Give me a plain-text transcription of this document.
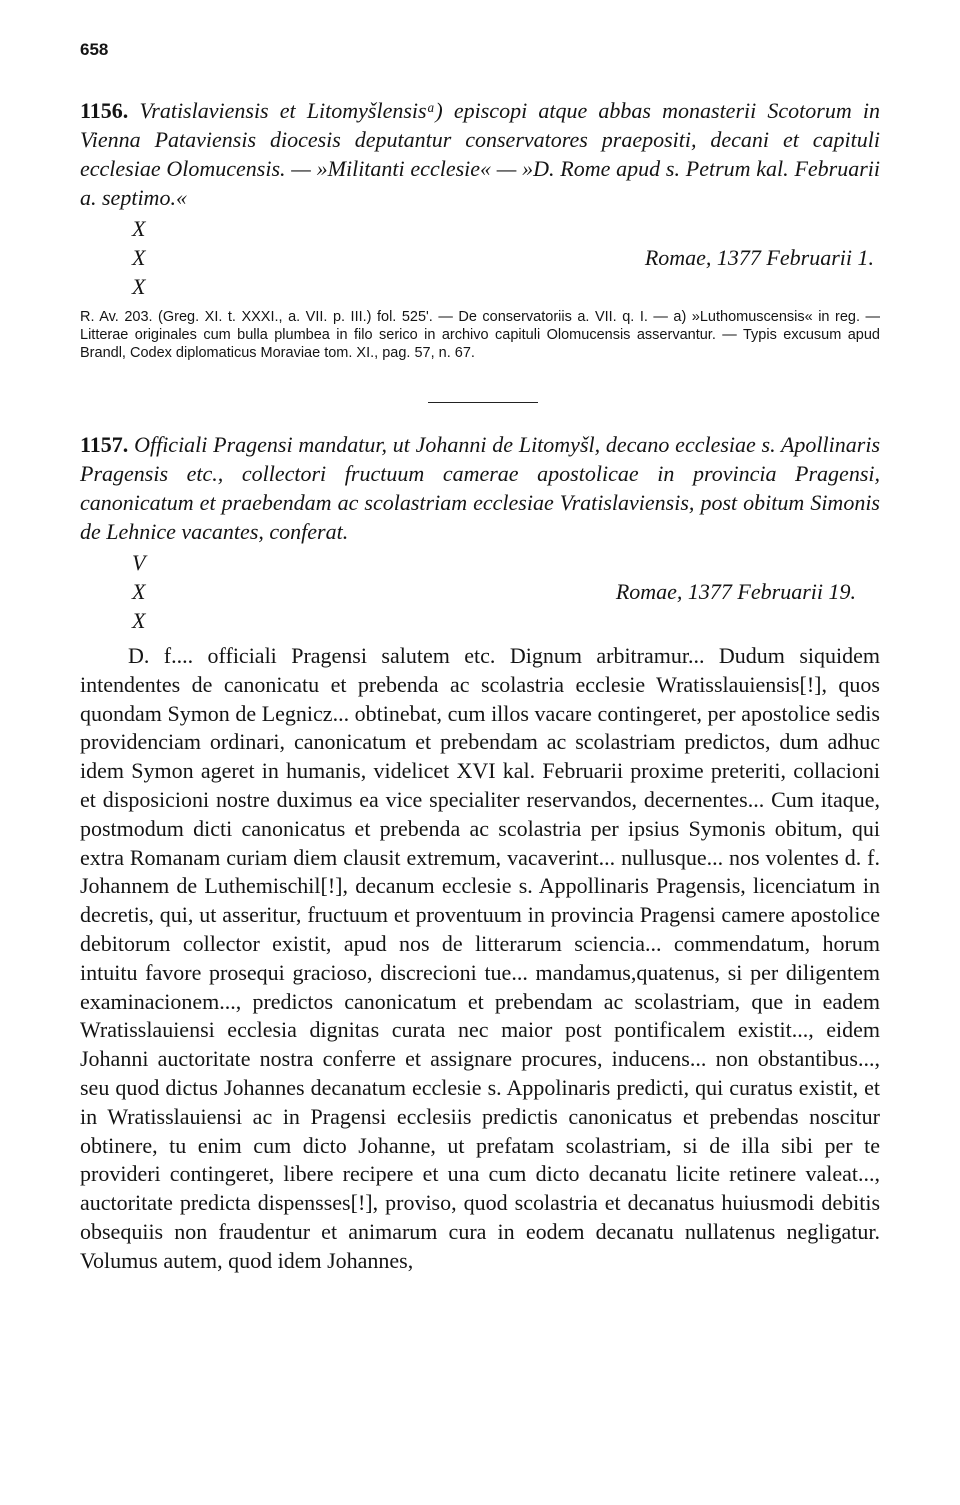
658
1156. Vratislaviensis et Litomyšlensisᵃ) episcopi atque abbas monasterii Scotorum in Vienna Pataviensis diocesis deputantur conservatores praepositi, decani et capituli ecclesiae Olomucensis. — »Militanti ecclesie« — »D. Rome apud s. Petrum kal. Februarii a. septimo.«
X
X
X
Romae, 1377 Februarii 1.
R. Av. 203. (Greg. XI. t. XXXI., a. VII. p. III.) fol. 525'. — De conservatoriis a. VII. q. I. — a) »Luthomuscensis« in reg. — Litterae originales cum bulla plumbea in filo serico in archivo capituli Olomucensis asservantur. — Typis excusum apud Brandl, Codex diplomaticus Moraviae tom. XI., pag. 57, n. 67.
1157. Officiali Pragensi mandatur, ut Johanni de Litomyšl, decano ecclesiae s. Apollinaris Pragensis etc., collectori fructuum camerae apostolicae in provincia Pragensi, canonicatum et praebendam ac scolastriam ecclesiae Vratislaviensis, post obitum Simonis de Lehnice vacantes, conferat.
V
X
X
Romae, 1377 Februarii 19.
D. f.... officiali Pragensi salutem etc. Dignum arbitramur... Dudum siquidem intendentes de canonicatu et prebenda ac scolastria ecclesie Wratisslauiensis[!], quos quondam Symon de Legnicz... obtinebat, cum illos vacare contingeret, per apostolice sedis providenciam ordinari, canonicatum et prebendam ac scolastriam predictos, dum adhuc idem Symon ageret in humanis, videlicet XVI kal. Februarii proxime preteriti, collacioni et disposicioni nostre duximus ea vice specialiter reservandos, decernentes... Cum itaque, postmodum dicti canonicatus et prebenda ac scolastria per ipsius Symonis obitum, qui extra Romanam curiam diem clausit extremum, vacaverint... nullusque... nos volentes d. f. Johannem de Luthemischil[!], decanum ecclesie s. Appollinaris Pragensis, licenciatum in decretis, qui, ut asseritur, fructuum et proventuum in provincia Pragensi camere apostolice debitorum collector existit, apud nos de litterarum sciencia... commendatum, horum intuitu favore prosequi gracioso, discrecioni tue... mandamus,quatenus, si per diligentem examinacionem..., predictos canonicatum et prebendam ac scolastriam, que in eadem Wratisslauiensi ecclesia dignitas curata nec maior post pontificalem existit..., eidem Johanni auctoritate nostra conferre et assignare procures, inducens... non obstantibus..., seu quod dictus Johannes decanatum ecclesie s. Appolinaris predicti, qui curatus existit, et in Wratisslauiensi ac in Pragensi ecclesiis predictis canonicatus et prebendas noscitur obtinere, tu enim cum dicto Johanne, ut prefatam scolastriam, si de illa sibi per te provideri contingeret, libere recipere et una cum dicto decanatu licite retinere valeat..., auctoritate predicta dispensses[!], proviso, quod scolastria et decanatus huiusmodi debitis obsequiis non fraudentur et animarum cura in eodem decanatu nullatenus negligatur. Volumus autem, quod idem Johannes,
